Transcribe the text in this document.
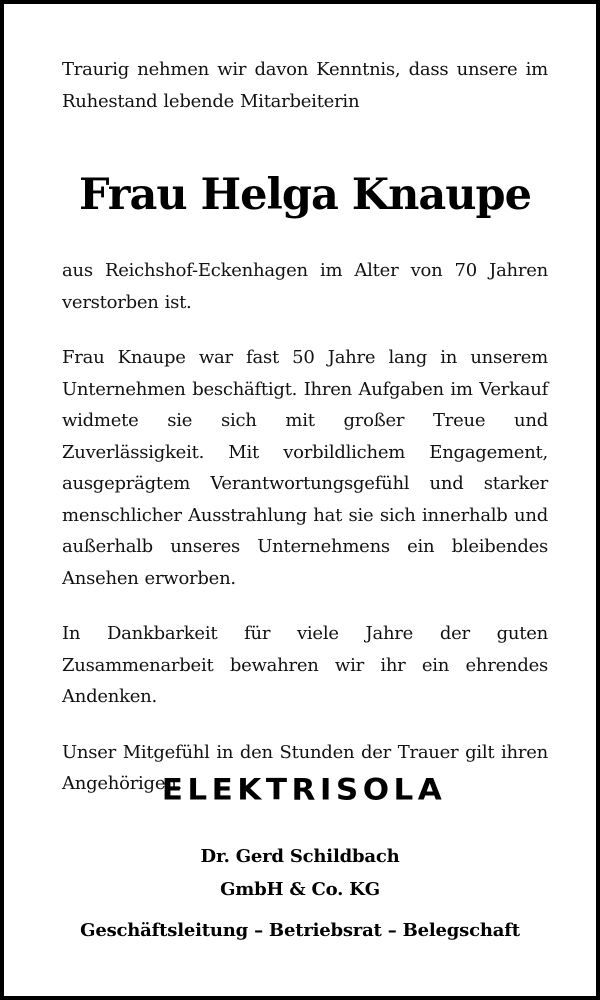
Traurig nehmen wir davon Kenntnis, dass unsere im Ruhestand lebende Mitarbeiterin

Frau Helga Knaupe

aus Reichshof-Eckenhagen im Alter von 70 Jahren verstorben ist.

Frau Knaupe war fast 50 Jahre lang in unserem Unternehmen beschäftigt. Ihren Aufgaben im Verkauf widmete sie sich mit großer Treue und Zuverlässigkeit. Mit vorbildlichem Engagement, ausgeprägtem Verantwortungsgefühl und starker menschlicher Ausstrahlung hat sie sich innerhalb und außerhalb unseres Unternehmens ein bleibendes Ansehen erworben.

In Dankbarkeit für viele Jahre der guten Zusammenarbeit bewahren wir ihr ein ehrendes Andenken.

Unser Mitgefühl in den Stunden der Trauer gilt ihren Angehörigen.

ELEKTRISOLA
Dr. Gerd Schildbach
GmbH & Co. KG
Geschäftsleitung – Betriebsrat – Belegschaft
